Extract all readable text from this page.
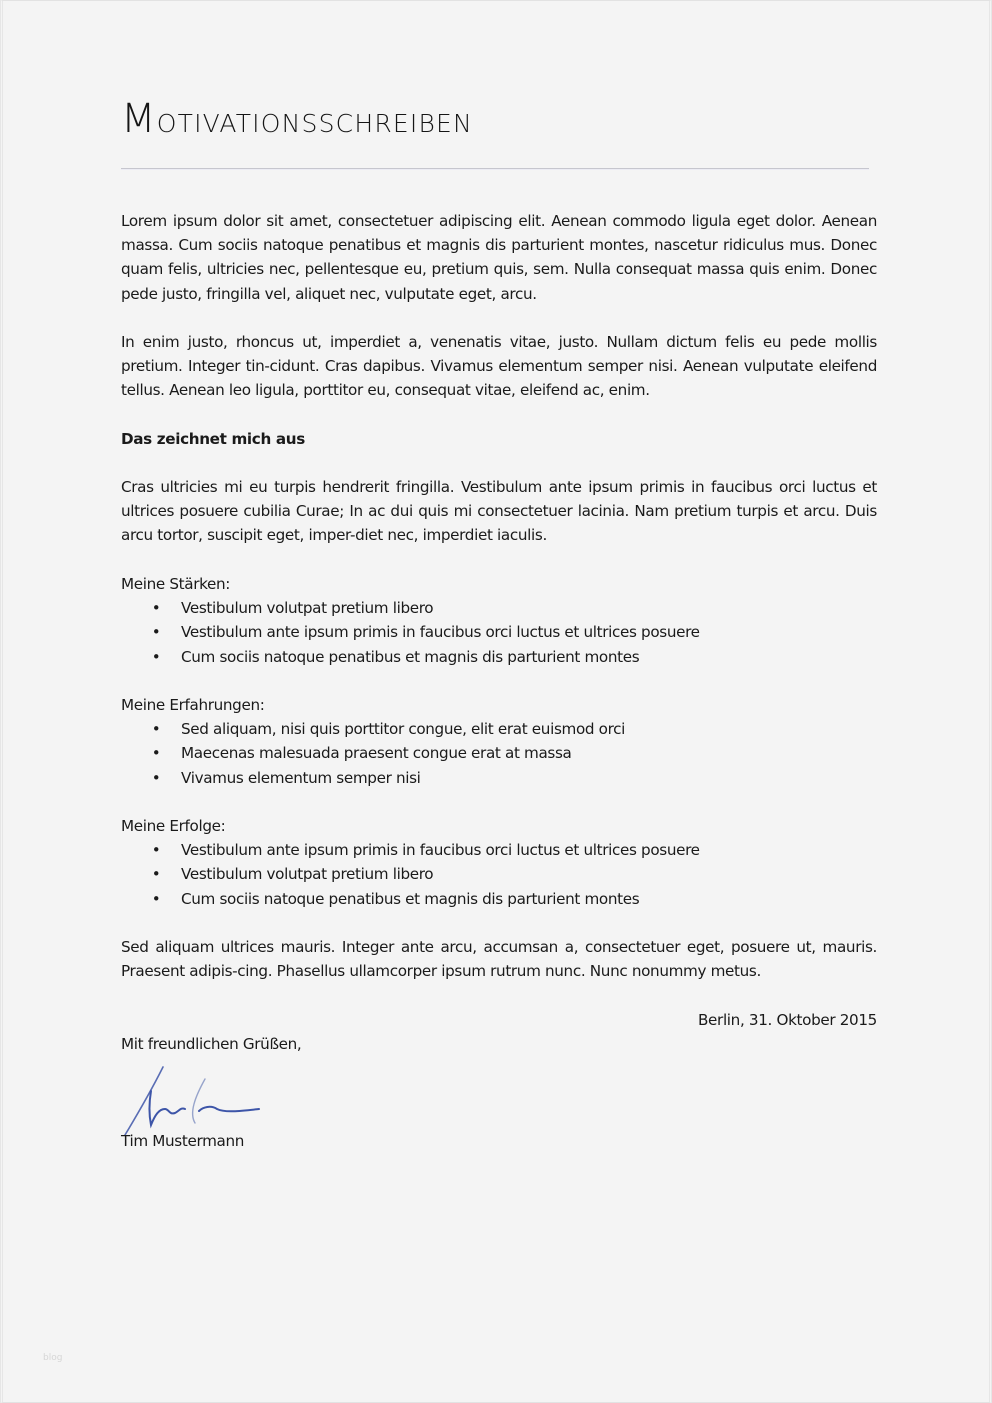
Motivationsschreiben

Lorem ipsum dolor sit amet, consectetuer adipiscing elit. Aenean commodo ligula eget dolor. Aenean massa. Cum sociis natoque penatibus et magnis dis parturient montes, nascetur ridiculus mus. Donec quam felis, ultricies nec, pellentesque eu, pretium quis, sem. Nulla consequat massa quis enim. Donec pede justo, fringilla vel, aliquet nec, vulputate eget, arcu.

In enim justo, rhoncus ut, imperdiet a, venenatis vitae, justo. Nullam dictum felis eu pede mollis pretium. Integer tin-cidunt. Cras dapibus. Vivamus elementum semper nisi. Aenean vulputate eleifend tellus. Aenean leo ligula, porttitor eu, consequat vitae, eleifend ac, enim.

Das zeichnet mich aus

Cras ultricies mi eu turpis hendrerit fringilla. Vestibulum ante ipsum primis in faucibus orci luctus et ultrices posuere cubilia Curae; In ac dui quis mi consectetuer lacinia. Nam pretium turpis et arcu. Duis arcu tortor, suscipit eget, imper-diet nec, imperdiet iaculis.

Meine Stärken:
• Vestibulum volutpat pretium libero
• Vestibulum ante ipsum primis in faucibus orci luctus et ultrices posuere
• Cum sociis natoque penatibus et magnis dis parturient montes
Meine Erfahrungen:
• Sed aliquam, nisi quis porttitor congue, elit erat euismod orci
• Maecenas malesuada praesent congue erat at massa
• Vivamus elementum semper nisi
Meine Erfolge:
• Vestibulum ante ipsum primis in faucibus orci luctus et ultrices posuere
• Vestibulum volutpat pretium libero
• Cum sociis natoque penatibus et magnis dis parturient montes

Sed aliquam ultrices mauris. Integer ante arcu, accumsan a, consectetuer eget, posuere ut, mauris. Praesent adipis-cing. Phasellus ullamcorper ipsum rutrum nunc. Nunc nonummy metus.

Berlin, 31. Oktober 2015

Mit freundlichen Grüßen,

Tim Mustermann

blog
